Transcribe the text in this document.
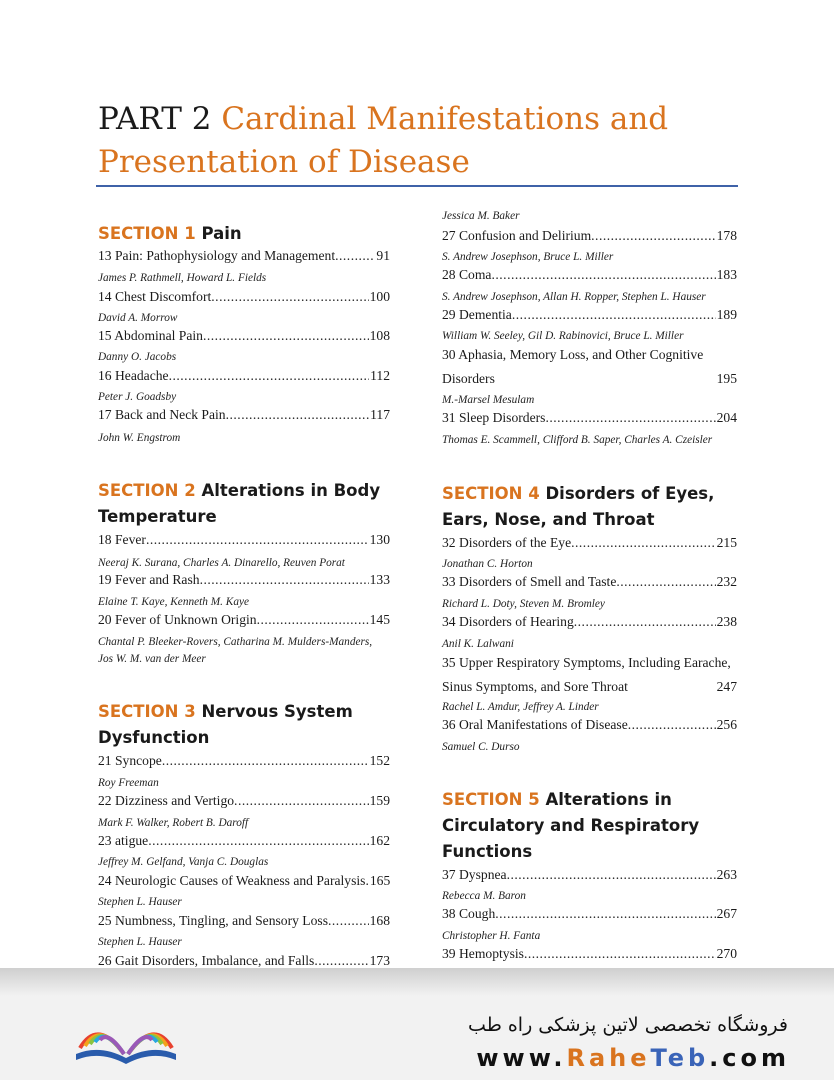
PART 2 Cardinal Manifestations and
Presentation of Disease
SECTION 1 Pain
13 Pain: Pathophysiology and Management .....	91
James P. Rathmell, Howard L. Fields
14 Chest Discomfort .....	100
David A. Morrow
15 Abdominal Pain .....	108
Danny O. Jacobs
16 Headache .....	112
Peter J. Goadsby
17 Back and Neck Pain .....	117
John W. Engstrom
SECTION 2 Alterations in Body
Temperature
18 Fever .....	130
Neeraj K. Surana, Charles A. Dinarello, Reuven Porat
19 Fever and Rash .....	133
Elaine T. Kaye, Kenneth M. Kaye
20 Fever of Unknown Origin .....	145
Chantal P. Bleeker-Rovers, Catharina M. Mulders-Manders,
Jos W. M. van der Meer
SECTION 3 Nervous System
Dysfunction
21 Syncope .....	152
Roy Freeman
22 Dizziness and Vertigo .....	159
Mark F. Walker, Robert B. Daroff
23 atigue .....	162
Jeffrey M. Gelfand, Vanja C. Douglas
24 Neurologic Causes of Weakness and Paralysis. 165
Stephen L. Hauser
25 Numbness, Tingling, and Sensory Loss .....	168
Stephen L. Hauser
26 Gait Disorders, Imbalance, and Falls .....	173
Jessica M. Baker
27 Confusion and Delirium .....	178
S. Andrew Josephson, Bruce L. Miller
28 Coma .....	183
S. Andrew Josephson, Allan H. Ropper, Stephen L. Hauser
29 Dementia .....	189
William W. Seeley, Gil D. Rabinovici, Bruce L. Miller
30 Aphasia, Memory Loss, and Other Cognitive
Disorders	195
M.-Marsel Mesulam
31 Sleep Disorders .....	204
Thomas E. Scammell, Clifford B. Saper, Charles A. Czeisler
SECTION 4 Disorders of Eyes,
Ears, Nose, and Throat
32 Disorders of the Eye .....	215
Jonathan C. Horton
33 Disorders of Smell and Taste .....	232
Richard L. Doty, Steven M. Bromley
34 Disorders of Hearing .....	238
Anil K. Lalwani
35 Upper Respiratory Symptoms, Including Earache,
Sinus Symptoms, and Sore Throat	247
Rachel L. Amdur, Jeffrey A. Linder
36 Oral Manifestations of Disease .....	256
Samuel C. Durso
SECTION 5 Alterations in
Circulatory and Respiratory
Functions
37 Dyspnea .....	263
Rebecca M. Baron
38 Cough .....	267
Christopher H. Fanta
39 Hemoptysis .....	270
فروشگاه تخصصی لاتین پزشکی راه طب
www.RaheTeb.com
